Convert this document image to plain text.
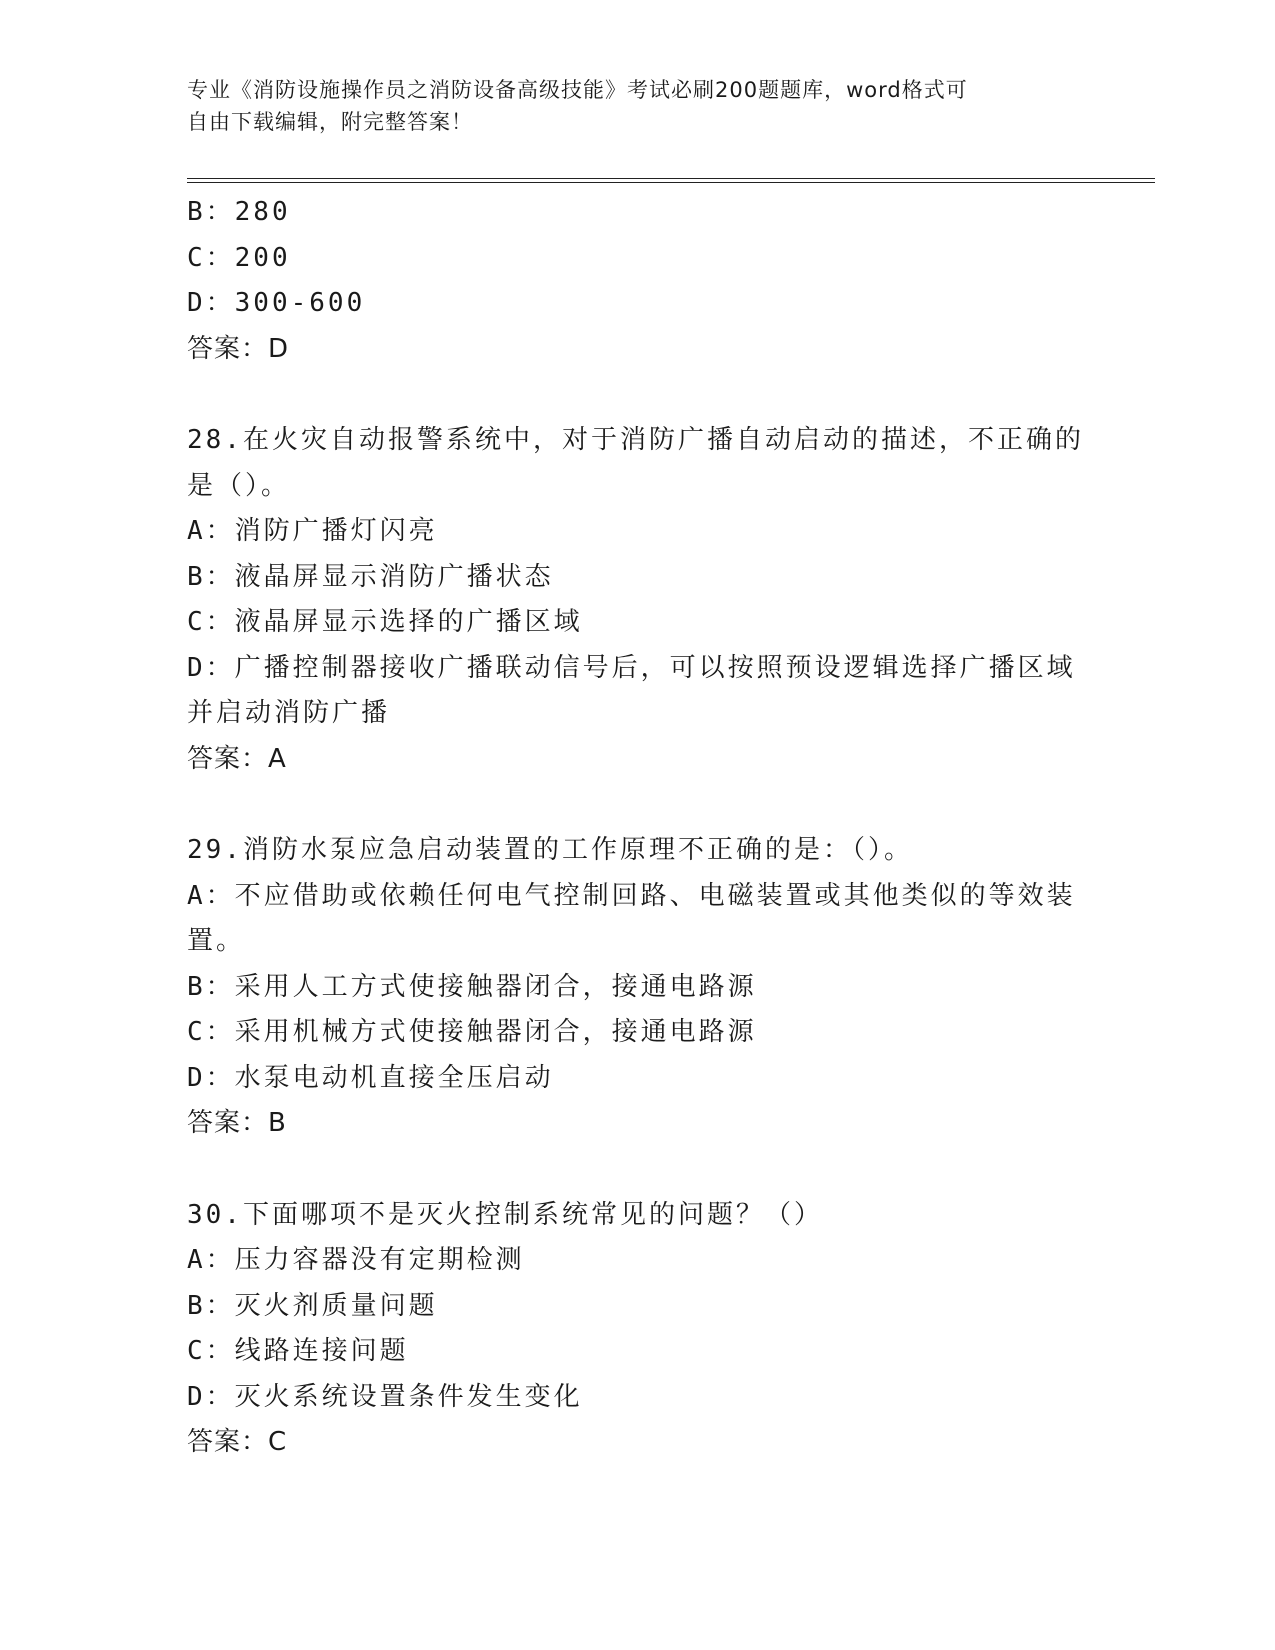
专业《消防设施操作员之消防设备高级技能》考试必刷200题题库，word格式可
自由下载编辑，附完整答案！
B：280
C：200
D：300-600
答案：D
28.在火灾自动报警系统中，对于消防广播自动启动的描述，不正确的
是（）。
A：消防广播灯闪亮
B：液晶屏显示消防广播状态
C：液晶屏显示选择的广播区域
D：广播控制器接收广播联动信号后，可以按照预设逻辑选择广播区域
并启动消防广播
答案：A
29.消防水泵应急启动装置的工作原理不正确的是：（）。
A：不应借助或依赖任何电气控制回路、电磁装置或其他类似的等效装
置。
B：采用人工方式使接触器闭合，接通电路源
C：采用机械方式使接触器闭合，接通电路源
D：水泵电动机直接全压启动
答案：B
30.下面哪项不是灭火控制系统常见的问题？（）
A：压力容器没有定期检测
B：灭火剂质量问题
C：线路连接问题
D：灭火系统设置条件发生变化
答案：C
